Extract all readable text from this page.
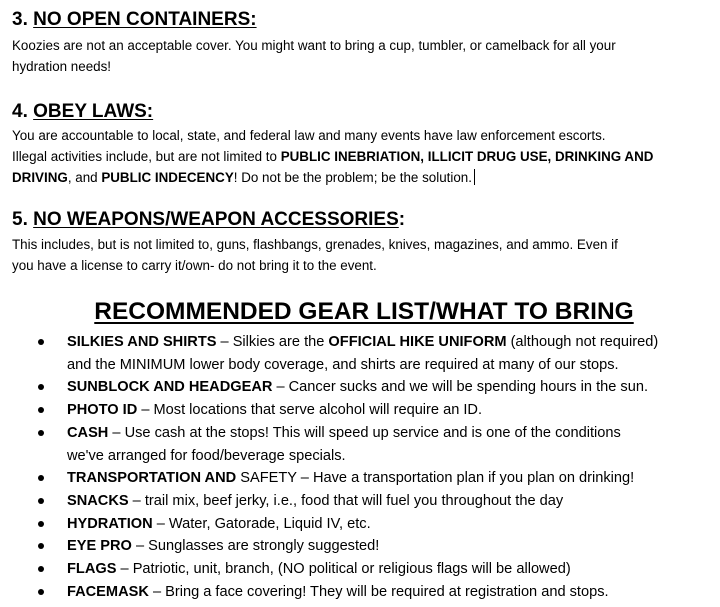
3. NO OPEN CONTAINERS:
Koozies are not an acceptable cover. You might want to bring a cup, tumbler, or camelback for all your
hydration needs!
4. OBEY LAWS:
You are accountable to local, state, and federal law and many events have law enforcement escorts.
Illegal activities include, but are not limited to PUBLIC INEBRIATION, ILLICIT DRUG USE, DRINKING AND
DRIVING, and PUBLIC INDECENCY! Do not be the problem; be the solution.
5. NO WEAPONS/WEAPON ACCESSORIES:
This includes, but is not limited to, guns, flashbangs, grenades, knives, magazines, and ammo. Even if
you have a license to carry it/own- do not bring it to the event.
RECOMMENDED GEAR LIST/WHAT TO BRING
SILKIES AND SHIRTS – Silkies are the OFFICIAL HIKE UNIFORM (although not required)
and the MINIMUM lower body coverage, and shirts are required at many of our stops.
SUNBLOCK AND HEADGEAR – Cancer sucks and we will be spending hours in the sun.
PHOTO ID – Most locations that serve alcohol will require an ID.
CASH – Use cash at the stops! This will speed up service and is one of the conditions
we've arranged for food/beverage specials.
TRANSPORTATION AND SAFETY – Have a transportation plan if you plan on drinking!
SNACKS – trail mix, beef jerky, i.e., food that will fuel you throughout the day
HYDRATION – Water, Gatorade, Liquid IV, etc.
EYE PRO – Sunglasses are strongly suggested!
FLAGS – Patriotic, unit, branch, (NO political or religious flags will be allowed)
FACEMASK – Bring a face covering! They will be required at registration and stops.
